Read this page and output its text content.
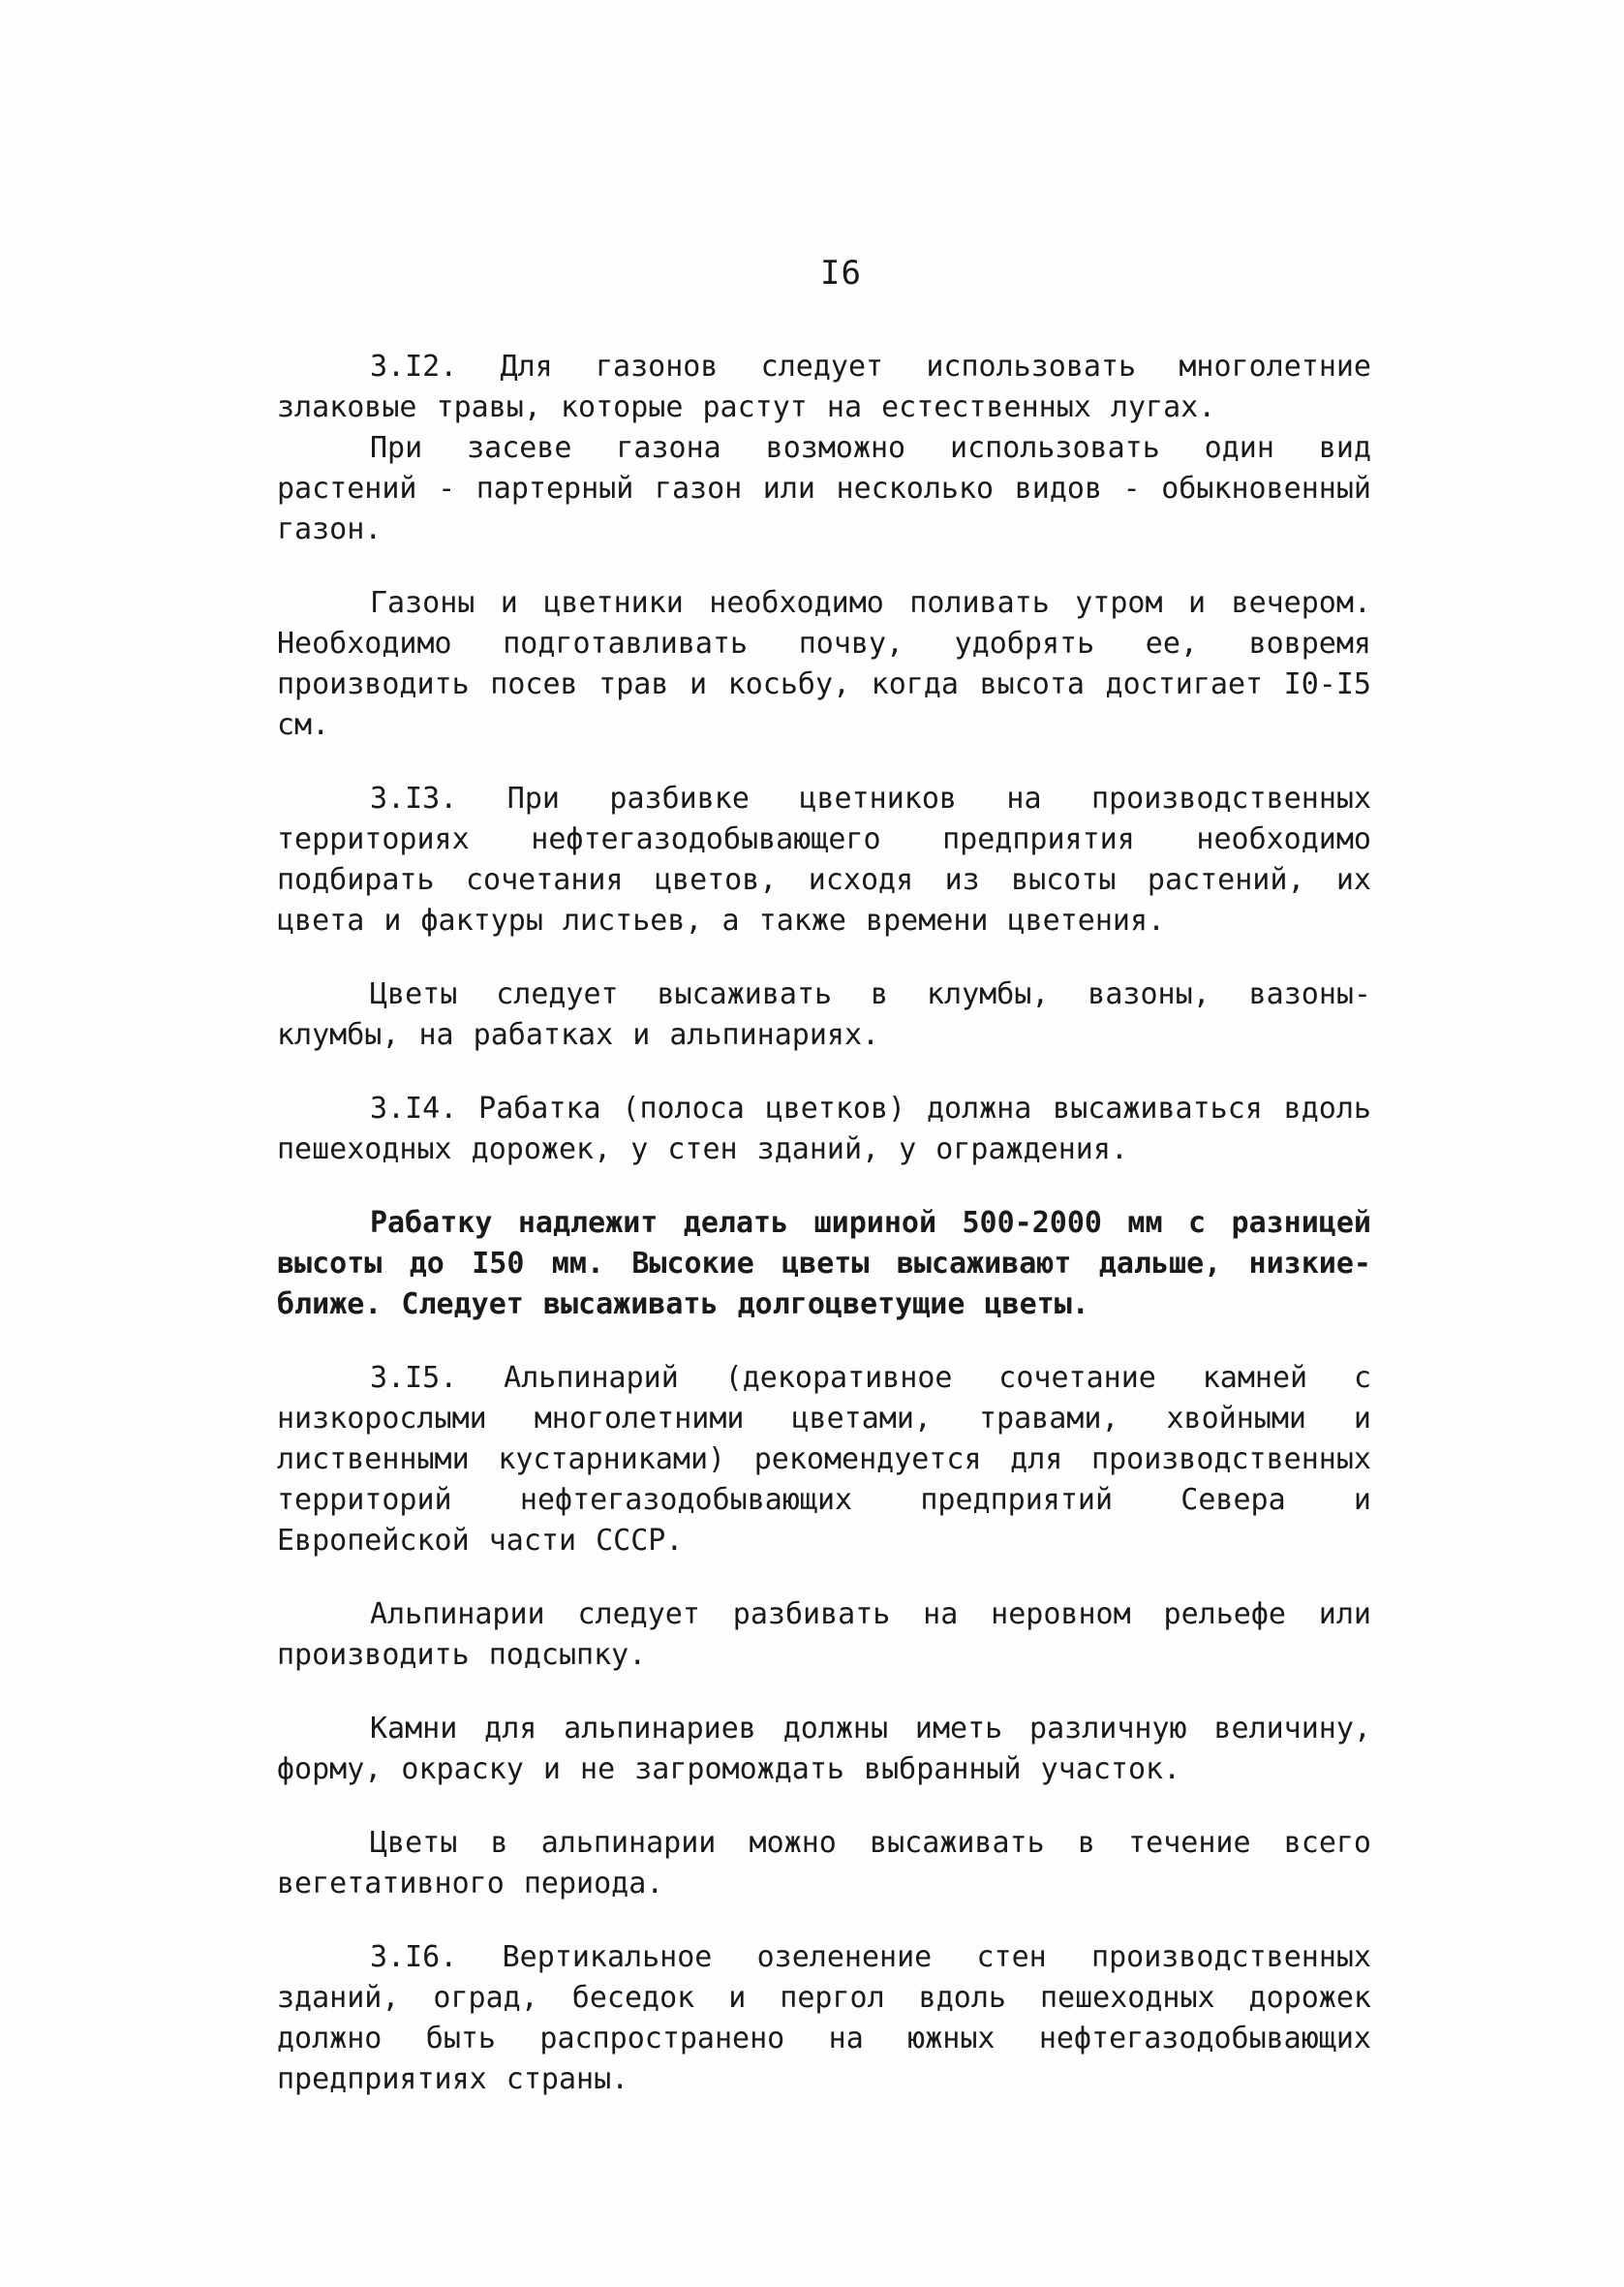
I6

3.I2. Для газонов следует использовать многолетние злаковые травы, которые растут на естественных лугах.

При засеве газона возможно использовать один вид растений - партерный газон или несколько видов - обыкновенный газон.

Газоны и цветники необходимо поливать утром и вечером. Необходимо подготавливать почву, удобрять ее, вовремя производить посев трав и косьбу, когда высота достигает I0-I5 см.

3.I3. При разбивке цветников на производственных территориях нефтегазодобывающего предприятия необходимо подбирать сочетания цветов, исходя из высоты растений, их цвета и фактуры листьев, а также времени цветения.

Цветы следует высаживать в клумбы, вазоны, вазоны-клумбы, на рабатках и альпинариях.

3.I4. Рабатка (полоса цветков) должна высаживаться вдоль пешеходных дорожек, у стен зданий, у ограждения.

Рабатку надлежит делать шириной 500-2000 мм с разницей высоты до I50 мм. Высокие цветы высаживают дальше, низкие- ближе. Следует высаживать долгоцветущие цветы.

3.I5. Альпинарий (декоративное сочетание камней с низкорослыми многолетними цветами, травами, хвойными и лиственными кустарниками) рекомендуется для производственных территорий нефтегазодобывающих предприятий Севера и Европейской части СССР.

Альпинарии следует разбивать на неровном рельефе или производить подсыпку.

Камни для альпинариев должны иметь различную величину, форму, окраску и не загромождать выбранный участок.

Цветы в альпинарии можно высаживать в течение всего вегетативного периода.

3.I6. Вертикальное озеленение стен производственных зданий, оград, беседок и пергол вдоль пешеходных дорожек должно быть распространено на южных нефтегазодобывающих предприятиях страны.
